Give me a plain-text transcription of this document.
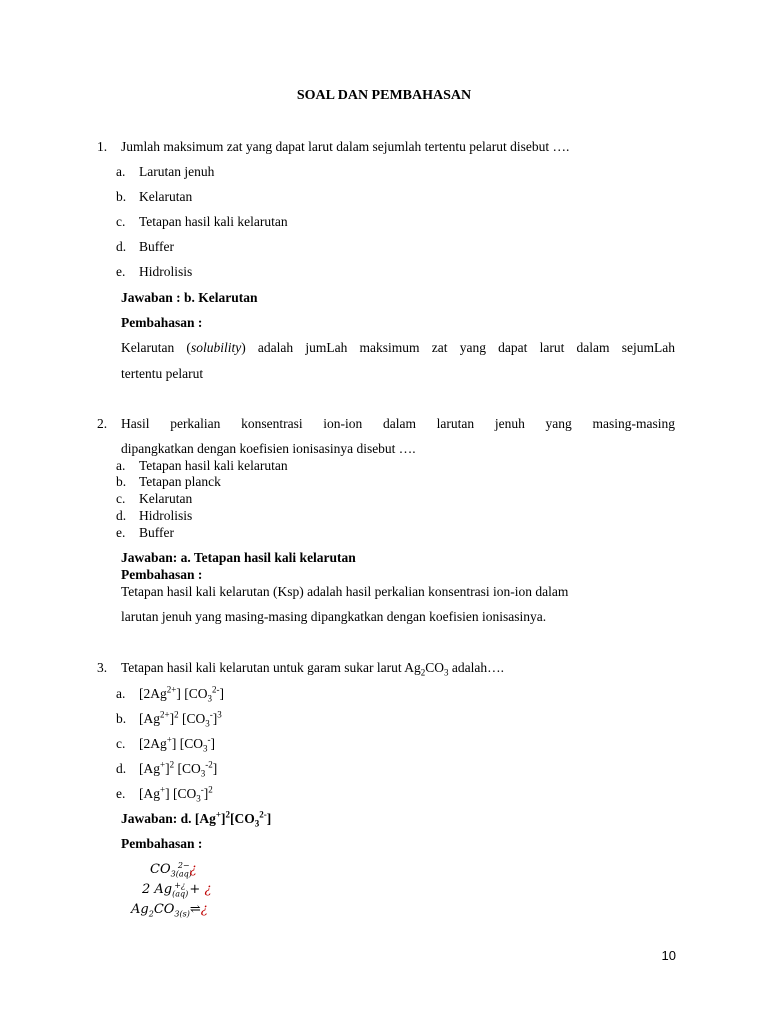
SOAL DAN PEMBAHASAN
1. Jumlah maksimum zat yang dapat larut dalam sejumlah tertentu pelarut disebut ….
a. Larutan jenuh
b. Kelarutan
c. Tetapan hasil kali kelarutan
d. Buffer
e. Hidrolisis
Jawaban : b. Kelarutan
Pembahasan :
Kelarutan (solubility) adalah jumLah maksimum zat yang dapat larut dalam sejumLah
tertentu pelarut
2. Hasil perkalian konsentrasi ion-ion dalam larutan jenuh yang masing-masing
dipangkatkan dengan koefisien ionisasinya disebut ….
a. Tetapan hasil kali kelarutan
b. Tetapan planck
c. Kelarutan
d. Hidrolisis
e. Buffer
Jawaban: a. Tetapan hasil kali kelarutan
Pembahasan :
Tetapan hasil kali kelarutan (Ksp) adalah hasil perkalian konsentrasi ion-ion dalam
larutan jenuh yang masing-masing dipangkatkan dengan koefisien ionisasinya.
3. Tetapan hasil kali kelarutan untuk garam sukar larut $Ag_2CO_3$ adalah….
a. $[2Ag^{2+}]$ $[CO_3^{2-}]$
b. $[Ag^{2+}]^2$ $[CO_3^-]^3$
c. [2Ag+] $[CO_3^-]$
d. $[Ag^+]^2$ $[CO_3^{-2}]$
e. [Ag+] $[CO_3^-]^2$
Jawaban: d. $[Ag^+]^2[CO_3^{2-}]$
Pembahasan :
$CO_{3(aq)}^{2-}¿$
2 $Ag_{(aq)}^{+¿}$ + ¿
$Ag_2CO_{3(s)}\rightleftharpoons¿$
10
